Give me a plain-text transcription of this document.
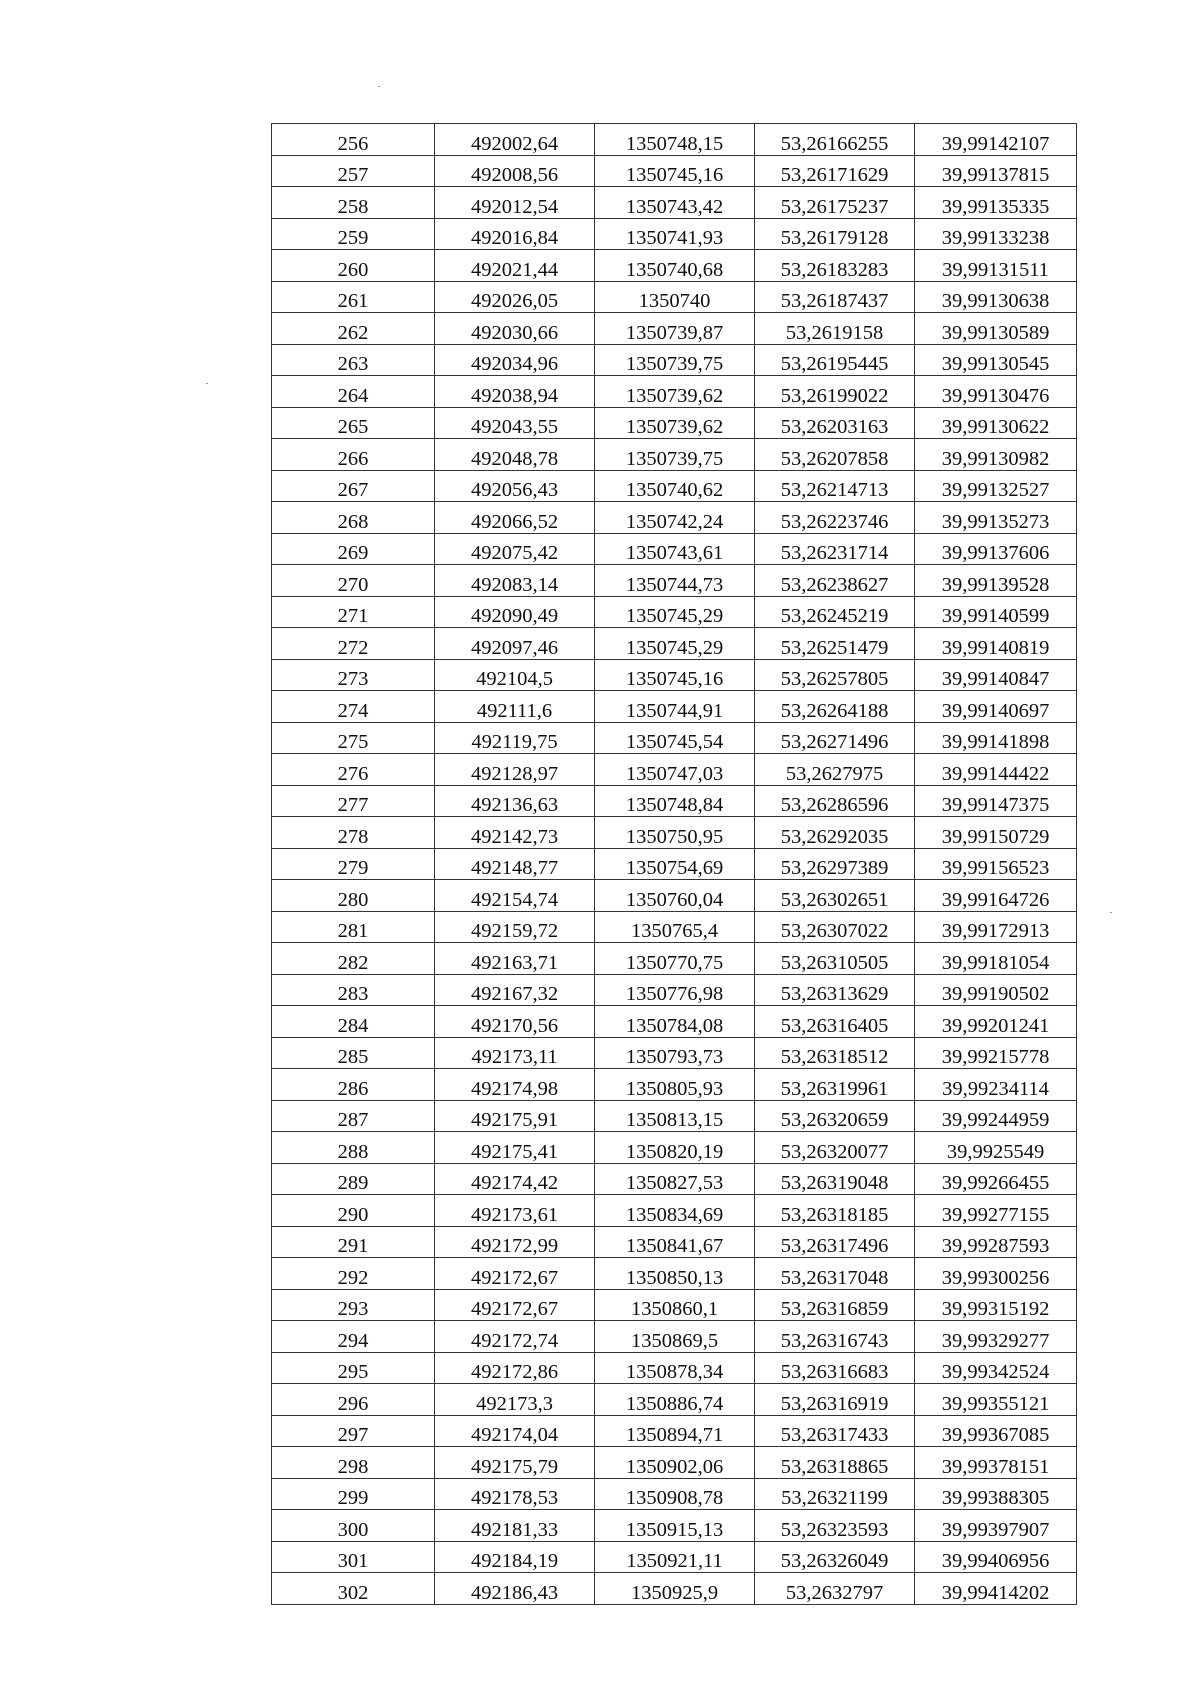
256	492002,64	1350748,15	53,26166255	39,99142107
257	492008,56	1350745,16	53,26171629	39,99137815
258	492012,54	1350743,42	53,26175237	39,99135335
259	492016,84	1350741,93	53,26179128	39,99133238
260	492021,44	1350740,68	53,26183283	39,99131511
261	492026,05	1350740	53,26187437	39,99130638
262	492030,66	1350739,87	53,2619158	39,99130589
263	492034,96	1350739,75	53,26195445	39,99130545
264	492038,94	1350739,62	53,26199022	39,99130476
265	492043,55	1350739,62	53,26203163	39,99130622
266	492048,78	1350739,75	53,26207858	39,99130982
267	492056,43	1350740,62	53,26214713	39,99132527
268	492066,52	1350742,24	53,26223746	39,99135273
269	492075,42	1350743,61	53,26231714	39,99137606
270	492083,14	1350744,73	53,26238627	39,99139528
271	492090,49	1350745,29	53,26245219	39,99140599
272	492097,46	1350745,29	53,26251479	39,99140819
273	492104,5	1350745,16	53,26257805	39,99140847
274	492111,6	1350744,91	53,26264188	39,99140697
275	492119,75	1350745,54	53,26271496	39,99141898
276	492128,97	1350747,03	53,2627975	39,99144422
277	492136,63	1350748,84	53,26286596	39,99147375
278	492142,73	1350750,95	53,26292035	39,99150729
279	492148,77	1350754,69	53,26297389	39,99156523
280	492154,74	1350760,04	53,26302651	39,99164726
281	492159,72	1350765,4	53,26307022	39,99172913
282	492163,71	1350770,75	53,26310505	39,99181054
283	492167,32	1350776,98	53,26313629	39,99190502
284	492170,56	1350784,08	53,26316405	39,99201241
285	492173,11	1350793,73	53,26318512	39,99215778
286	492174,98	1350805,93	53,26319961	39,99234114
287	492175,91	1350813,15	53,26320659	39,99244959
288	492175,41	1350820,19	53,26320077	39,9925549
289	492174,42	1350827,53	53,26319048	39,99266455
290	492173,61	1350834,69	53,26318185	39,99277155
291	492172,99	1350841,67	53,26317496	39,99287593
292	492172,67	1350850,13	53,26317048	39,99300256
293	492172,67	1350860,1	53,26316859	39,99315192
294	492172,74	1350869,5	53,26316743	39,99329277
295	492172,86	1350878,34	53,26316683	39,99342524
296	492173,3	1350886,74	53,26316919	39,99355121
297	492174,04	1350894,71	53,26317433	39,99367085
298	492175,79	1350902,06	53,26318865	39,99378151
299	492178,53	1350908,78	53,26321199	39,99388305
300	492181,33	1350915,13	53,26323593	39,99397907
301	492184,19	1350921,11	53,26326049	39,99406956
302	492186,43	1350925,9	53,2632797	39,99414202
